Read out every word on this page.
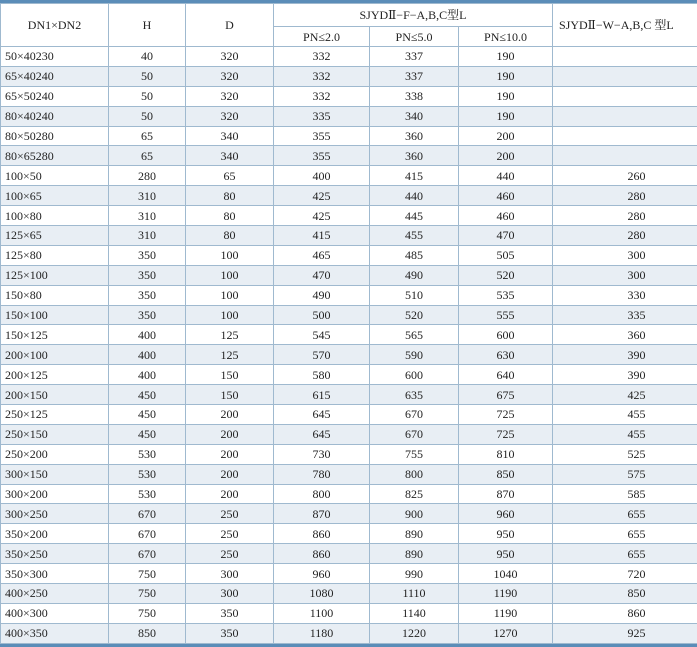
DN1×DN2	H	D	SJYDⅡ−F−A,B,C型L			SJYDⅡ−W−A,B,C 型L
			PN≤2.0	PN≤5.0	PN≤10.0	
50×40230	40	320	332	337	190	
65×40240	50	320	332	337	190	
65×50240	50	320	332	338	190	
80×40240	50	320	335	340	190	
80×50280	65	340	355	360	200	
80×65280	65	340	355	360	200	
100×50	280	65	400	415	440	260
100×65	310	80	425	440	460	280
100×80	310	80	425	445	460	280
125×65	310	80	415	455	470	280
125×80	350	100	465	485	505	300
125×100	350	100	470	490	520	300
150×80	350	100	490	510	535	330
150×100	350	100	500	520	555	335
150×125	400	125	545	565	600	360
200×100	400	125	570	590	630	390
200×125	400	150	580	600	640	390
200×150	450	150	615	635	675	425
250×125	450	200	645	670	725	455
250×150	450	200	645	670	725	455
250×200	530	200	730	755	810	525
300×150	530	200	780	800	850	575
300×200	530	200	800	825	870	585
300×250	670	250	870	900	960	655
350×200	670	250	860	890	950	655
350×250	670	250	860	890	950	655
350×300	750	300	960	990	1040	720
400×250	750	300	1080	1110	1190	850
400×300	750	350	1100	1140	1190	860
400×350	850	350	1180	1220	1270	925
